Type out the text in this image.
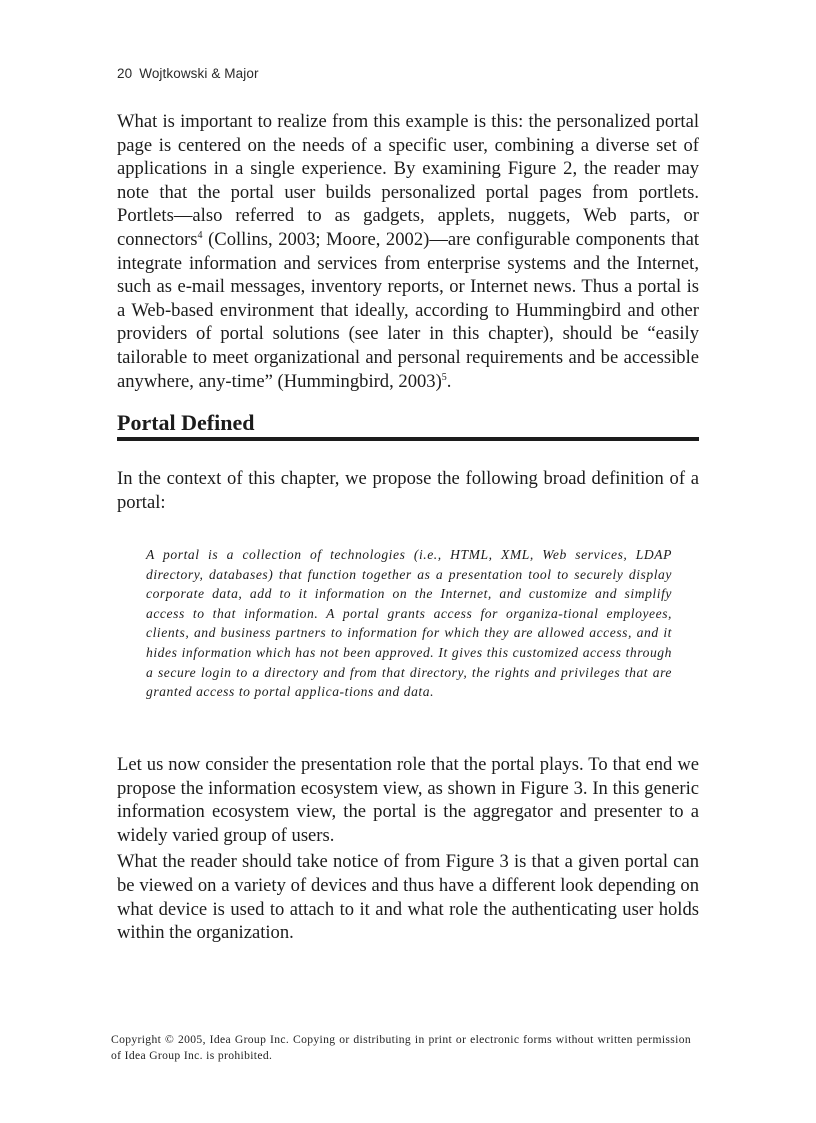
20 Wojtkowski & Major

What is important to realize from this example is this: the personalized portal page is centered on the needs of a specific user, combining a diverse set of applications in a single experience. By examining Figure 2, the reader may note that the portal user builds personalized portal pages from portlets. Portlets—also referred to as gadgets, applets, nuggets, Web parts, or connectors$^4$ (Collins, 2003; Moore, 2002)—are configurable components that integrate information and services from enterprise systems and the Internet, such as e-mail messages, inventory reports, or Internet news. Thus a portal is a Web-based environment that ideally, according to Hummingbird and other providers of portal solutions (see later in this chapter), should be “easily tailorable to meet organizational and personal requirements and be accessible anywhere, any-time” (Hummingbird, 2003)$^5$.

Portal Defined

In the context of this chapter, we propose the following broad definition of a portal:

A portal is a collection of technologies (i.e., HTML, XML, Web services, LDAP directory, databases) that function together as a presentation tool to securely display corporate data, add to it information on the Internet, and customize and simplify access to that information. A portal grants access for organiza-tional employees, clients, and business partners to information for which they are allowed access, and it hides information which has not been approved. It gives this customized access through a secure login to a directory and from that directory, the rights and privileges that are granted access to portal applica-tions and data.

Let us now consider the presentation role that the portal plays. To that end we propose the information ecosystem view, as shown in Figure 3. In this generic information ecosystem view, the portal is the aggregator and presenter to a widely varied group of users.

What the reader should take notice of from Figure 3 is that a given portal can be viewed on a variety of devices and thus have a different look depending on what device is used to attach to it and what role the authenticating user holds within the organization.

Copyright © 2005, Idea Group Inc. Copying or distributing in print or electronic forms without written permission of Idea Group Inc. is prohibited.
